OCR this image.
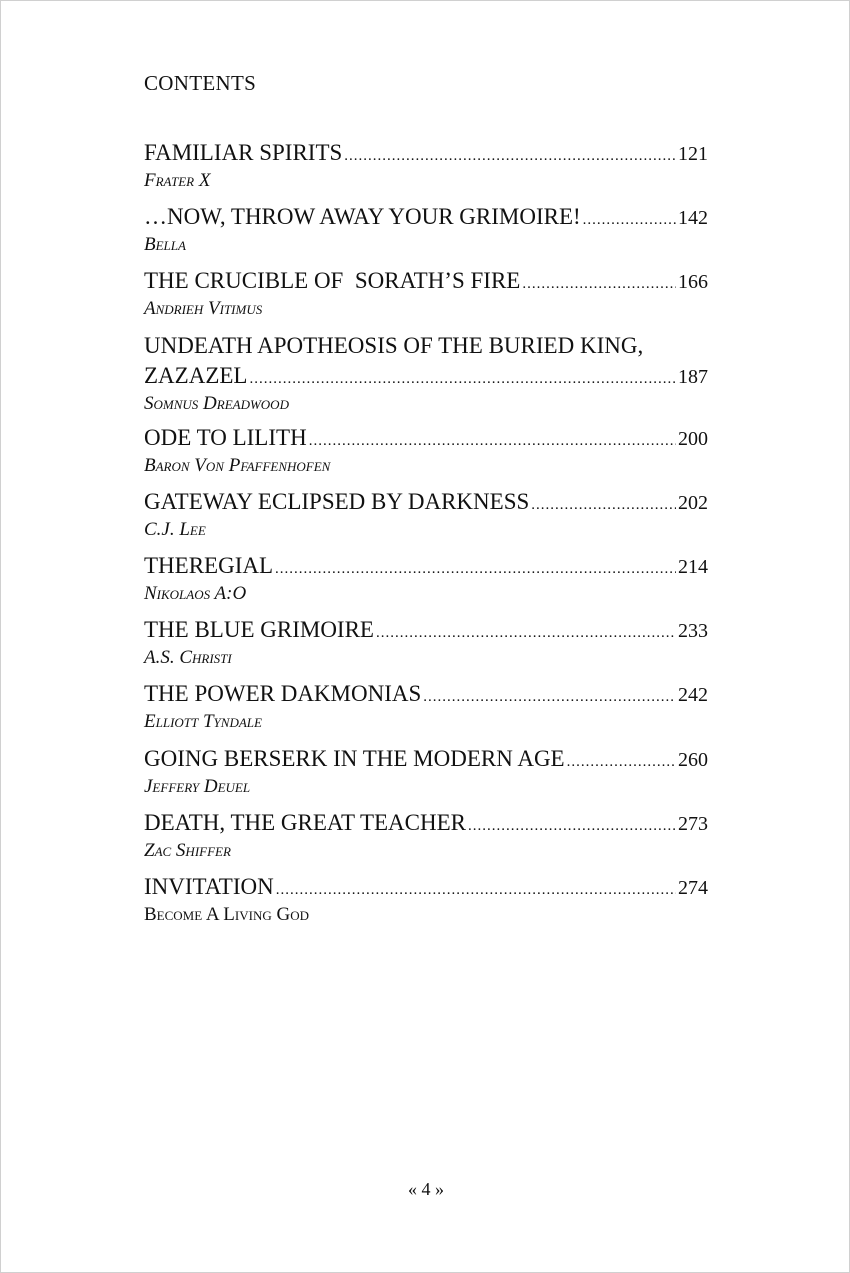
CONTENTS
FAMILIAR SPIRITS .....	121
Frater X
…NOW, THROW AWAY YOUR GRIMOIRE! .....	142
Bella
THE CRUCIBLE OF  SORATH’S FIRE .....	166
Andrieh Vitimus
UNDEATH APOTHEOSIS OF THE BURIED KING,
ZAZAZEL .....	187
Somnus Dreadwood
ODE TO LILITH .....	200
Baron Von Pfaffenhofen
GATEWAY ECLIPSED BY DARKNESS .....	202
C.J. Lee
THEREGIAL .....	214
Nikolaos A:O
THE BLUE GRIMOIRE .....	233
A.S. Christi
THE POWER DAKMONIAS .....	242
Elliott Tyndale
GOING BERSERK IN THE MODERN AGE .....	260
Jeffery Deuel
DEATH, THE GREAT TEACHER .....	273
Zac Shiffer
INVITATION .....	274
Become A Living God
« 4 »
